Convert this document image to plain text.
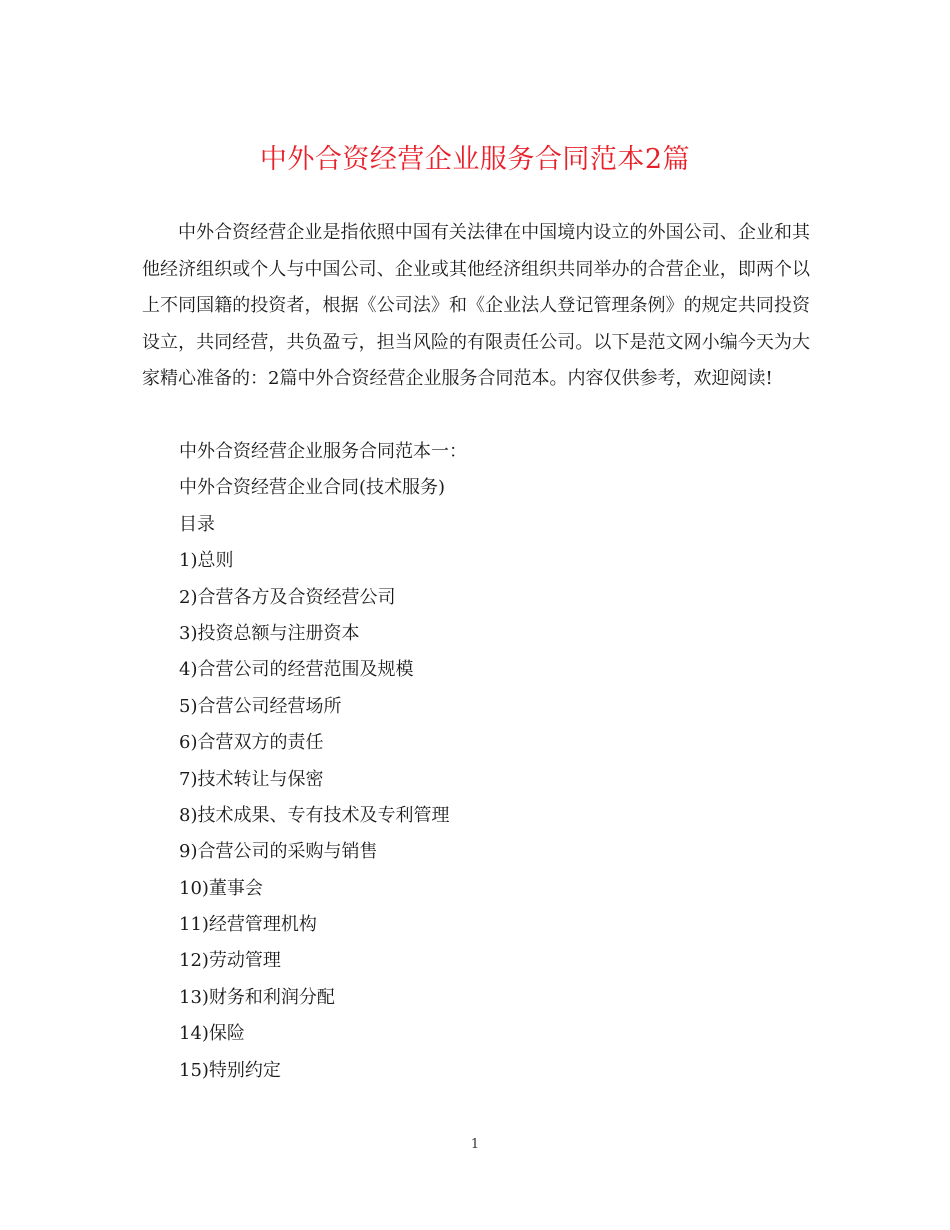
中外合资经营企业服务合同范本2篇

中外合资经营企业是指依照中国有关法律在中国境内设立的外国公司、企业和其他经济组织或个人与中国公司、企业或其他经济组织共同举办的合营企业，即两个以上不同国籍的投资者，根据《公司法》和《企业法人登记管理条例》的规定共同投资设立，共同经营，共负盈亏，担当风险的有限责任公司。以下是范文网小编今天为大家精心准备的：2篇中外合资经营企业服务合同范本。内容仅供参考，欢迎阅读!

中外合资经营企业服务合同范本一：
中外合资经营企业合同(技术服务)
目录
1)总则
2)合营各方及合资经营公司
3)投资总额与注册资本
4)合营公司的经营范围及规模
5)合营公司经营场所
6)合营双方的责任
7)技术转让与保密
8)技术成果、专有技术及专利管理
9)合营公司的采购与销售
10)董事会
11)经营管理机构
12)劳动管理
13)财务和利润分配
14)保险
15)特别约定
1
